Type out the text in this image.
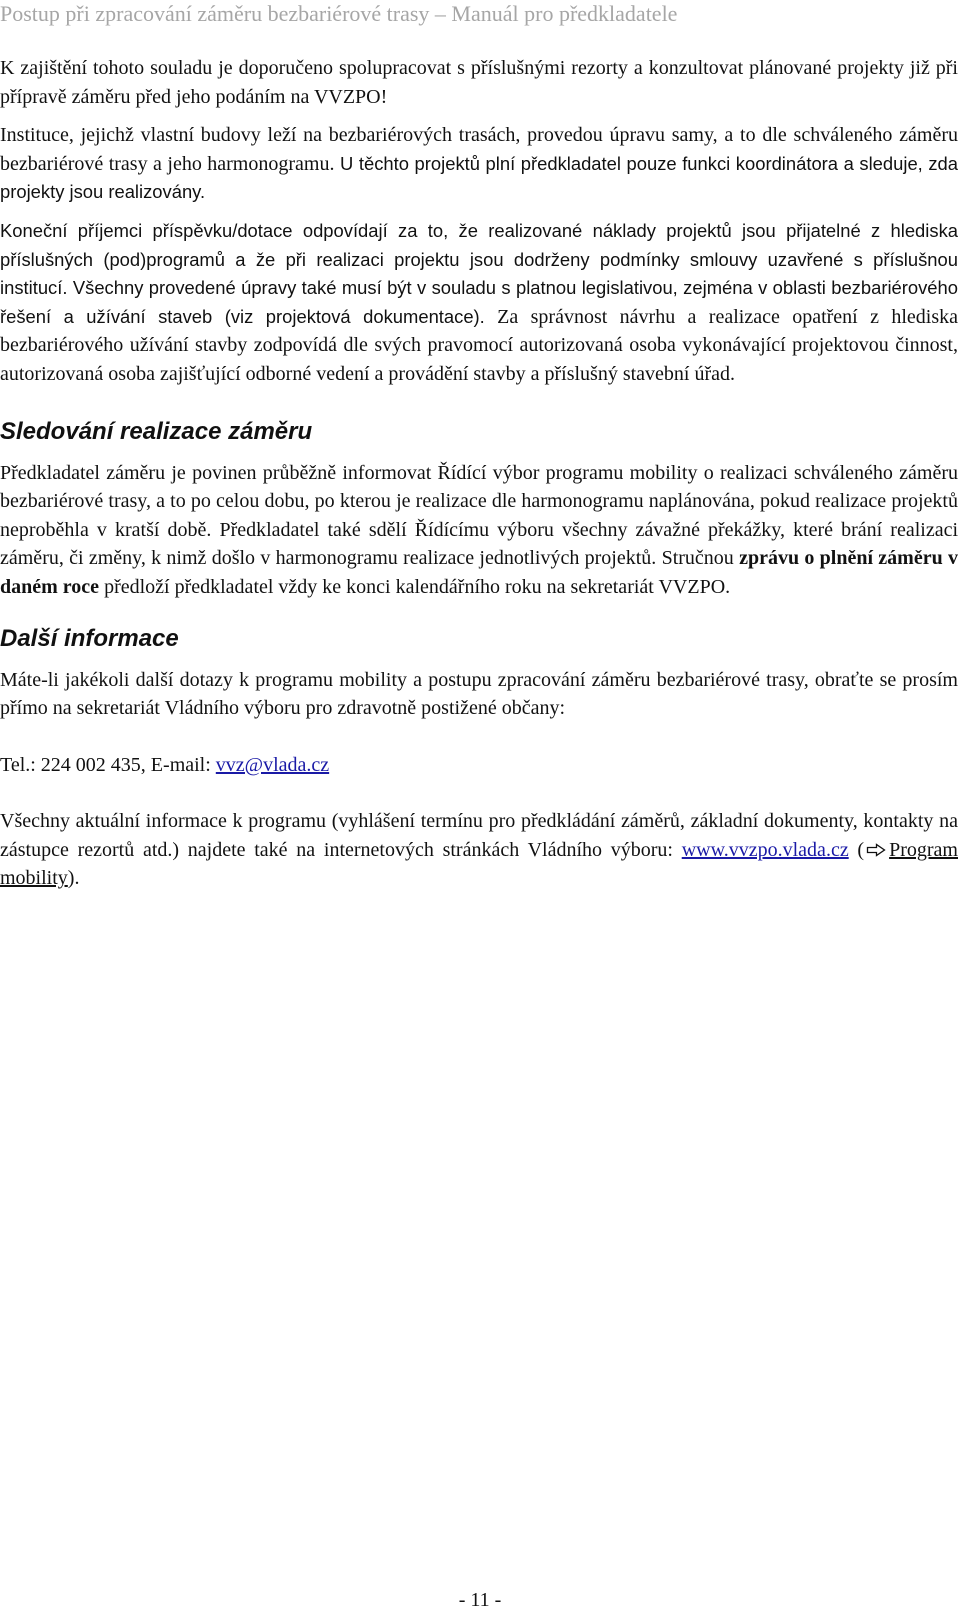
Postup při zpracování záměru bezbariérové trasy – Manuál pro předkladatele

K zajištění tohoto souladu je doporučeno spolupracovat s příslušnými rezorty a konzultovat plánované projekty již při přípravě záměru před jeho podáním na VVZPO!

Instituce, jejichž vlastní budovy leží na bezbariérových trasách, provedou úpravu samy, a to dle schváleného záměru bezbariérové trasy a jeho harmonogramu. U těchto projektů plní předkladatel pouze funkci koordinátora a sleduje, zda projekty jsou realizovány.

Koneční příjemci příspěvku/dotace odpovídají za to, že realizované náklady projektů jsou přijatelné z hlediska příslušných (pod)programů a že při realizaci projektu jsou dodrženy podmínky smlouvy uzavřené s příslušnou institucí. Všechny provedené úpravy také musí být v souladu s platnou legislativou, zejména v oblasti bezbariérového řešení a užívání staveb (viz projektová dokumentace). Za správnost návrhu a realizace opatření z hlediska bezbariérového užívání stavby zodpovídá dle svých pravomocí autorizovaná osoba vykonávající projektovou činnost, autorizovaná osoba zajišťující odborné vedení a provádění stavby a příslušný stavební úřad.

Sledování realizace záměru

Předkladatel záměru je povinen průběžně informovat Řídící výbor programu mobility o realizaci schváleného záměru bezbariérové trasy, a to po celou dobu, po kterou je realizace dle harmonogramu naplánována, pokud realizace projektů neproběhla v kratší době. Předkladatel také sdělí Řídícímu výboru všechny závažné překážky, které brání realizaci záměru, či změny, k nimž došlo v harmonogramu realizace jednotlivých projektů. Stručnou zprávu o plnění záměru v daném roce předloží předkladatel vždy ke konci kalendářního roku na sekretariát VVZPO.

Další informace

Máte-li jakékoli další dotazy k programu mobility a postupu zpracování záměru bezbariérové trasy, obraťte se prosím přímo na sekretariát Vládního výboru pro zdravotně postižené občany:

Tel.: 224 002 435, E-mail: vvz@vlada.cz

Všechny aktuální informace k programu (vyhlášení termínu pro předkládání záměrů, základní dokumenty, kontakty na zástupce rezortů atd.) najdete také na internetových stránkách Vládního výboru: www.vvzpo.vlada.cz ( Program mobility).

- 11 -
